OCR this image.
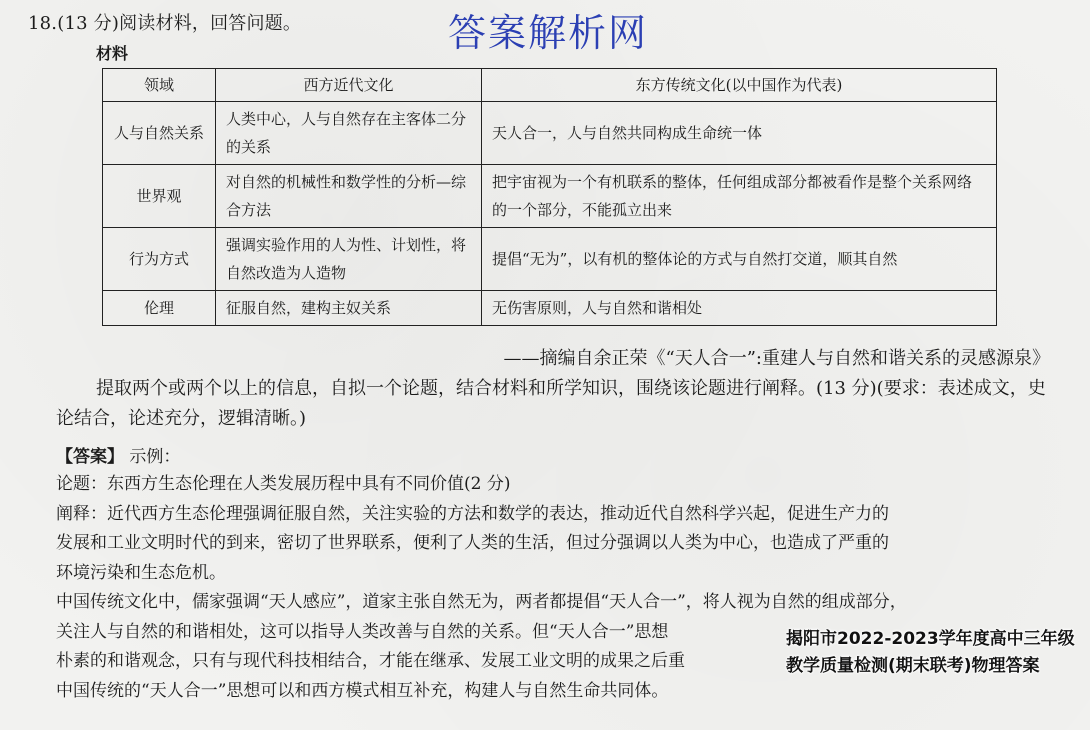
18.(13 分)阅读材料，回答问题。	答案解析网
材料
领域	西方近代文化	东方传统文化(以中国作为代表)
人与自然关系	人类中心，人与自然存在主客体二分的关系	天人合一，人与自然共同构成生命统一体
世界观	对自然的机械性和数学性的分析—综合方法	把宇宙视为一个有机联系的整体，任何组成部分都被看作是整个关系网络的一个部分，不能孤立出来
行为方式	强调实验作用的人为性、计划性，将自然改造为人造物	提倡“无为”，以有机的整体论的方式与自然打交道，顺其自然
伦理	征服自然，建构主奴关系	无伤害原则，人与自然和谐相处
——摘编自余正荣《“天人合一”:重建人与自然和谐关系的灵感源泉》
提取两个或两个以上的信息，自拟一个论题，结合材料和所学知识，围绕该论题进行阐释。(13 分)(要求：表述成文，史论结合，论述充分，逻辑清晰。)
【答案】 示例：

论题：东西方生态伦理在人类发展历程中具有不同价值(2 分)

阐释：近代西方生态伦理强调征服自然，关注实验的方法和数学的表达，推动近代自然科学兴起，促进生产力的

发展和工业文明时代的到来，密切了世界联系，便利了人类的生活，但过分强调以人类为中心，也造成了严重的

环境污染和生态危机。

中国传统文化中，儒家强调“天人感应”，道家主张自然无为，两者都提倡“天人合一”，将人视为自然的组成部分，

关注人与自然的和谐相处，这可以指导人类改善与自然的关系。但“天人合一”思想

朴素的和谐观念，只有与现代科技相结合，才能在继承、发展工业文明的成果之后重

中国传统的“天人合一”思想可以和西方模式相互补充，构建人与自然生命共同体。

揭阳市2022-2023学年度高中三年级教学质量检测(期末联考)物理答案
